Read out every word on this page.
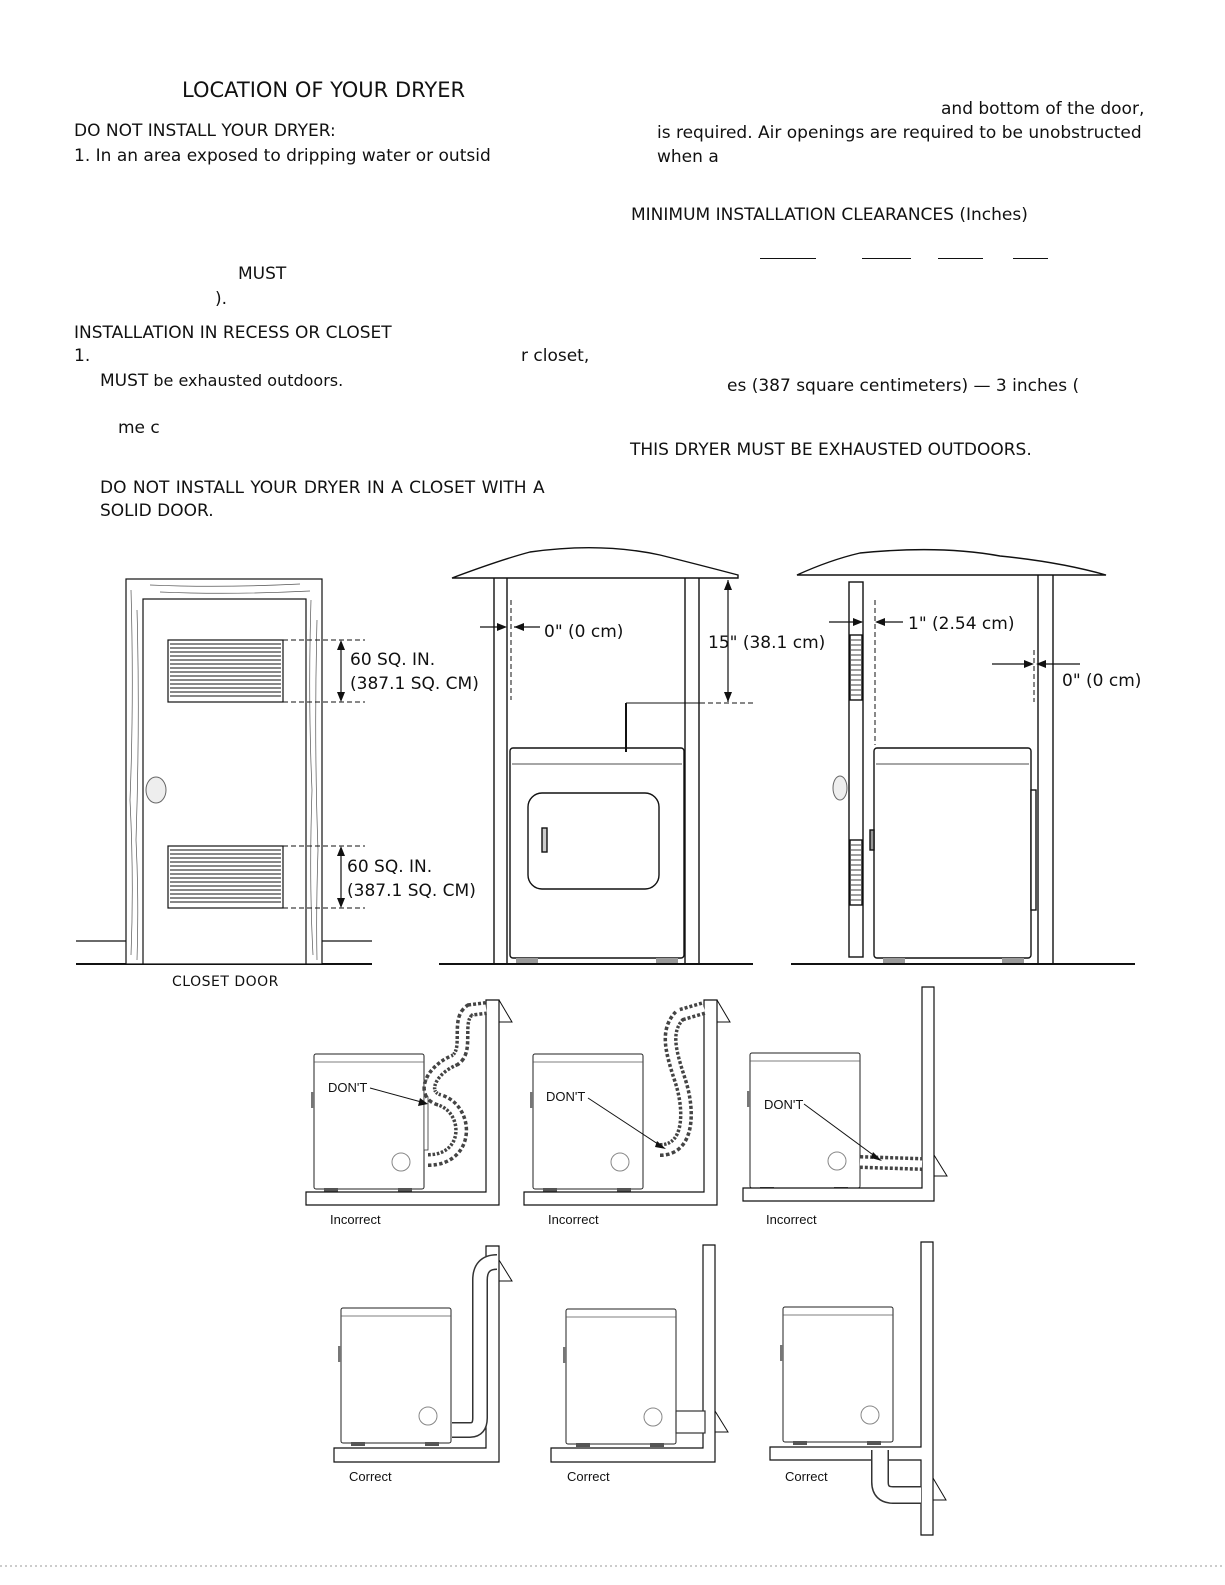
LOCATION OF YOUR DRYER
DO NOT INSTALL YOUR DRYER:
1. In an area exposed to dripping water or outsid
MUST
).
INSTALLATION IN RECESS OR CLOSET
1.	r closet,
MUST be exhausted outdoors.
me c
DO NOT INSTALL YOUR DRYER IN A CLOSET WITH A
SOLID DOOR.
and bottom of the door,
is required. Air openings are required to be unobstructed
when a
MINIMUM INSTALLATION CLEARANCES (Inches)
es (387 square centimeters) — 3 inches (
THIS DRYER MUST BE EXHAUSTED OUTDOORS.
60 SQ. IN.
(387.1 SQ. CM)
60 SQ. IN.
(387.1 SQ. CM)
CLOSET DOOR
0" (0 cm)
15" (38.1 cm)
1" (2.54 cm)
0" (0 cm)
DON'T
DON'T
DON'T
Incorrect	Incorrect	Incorrect
Correct	Correct	Correct
